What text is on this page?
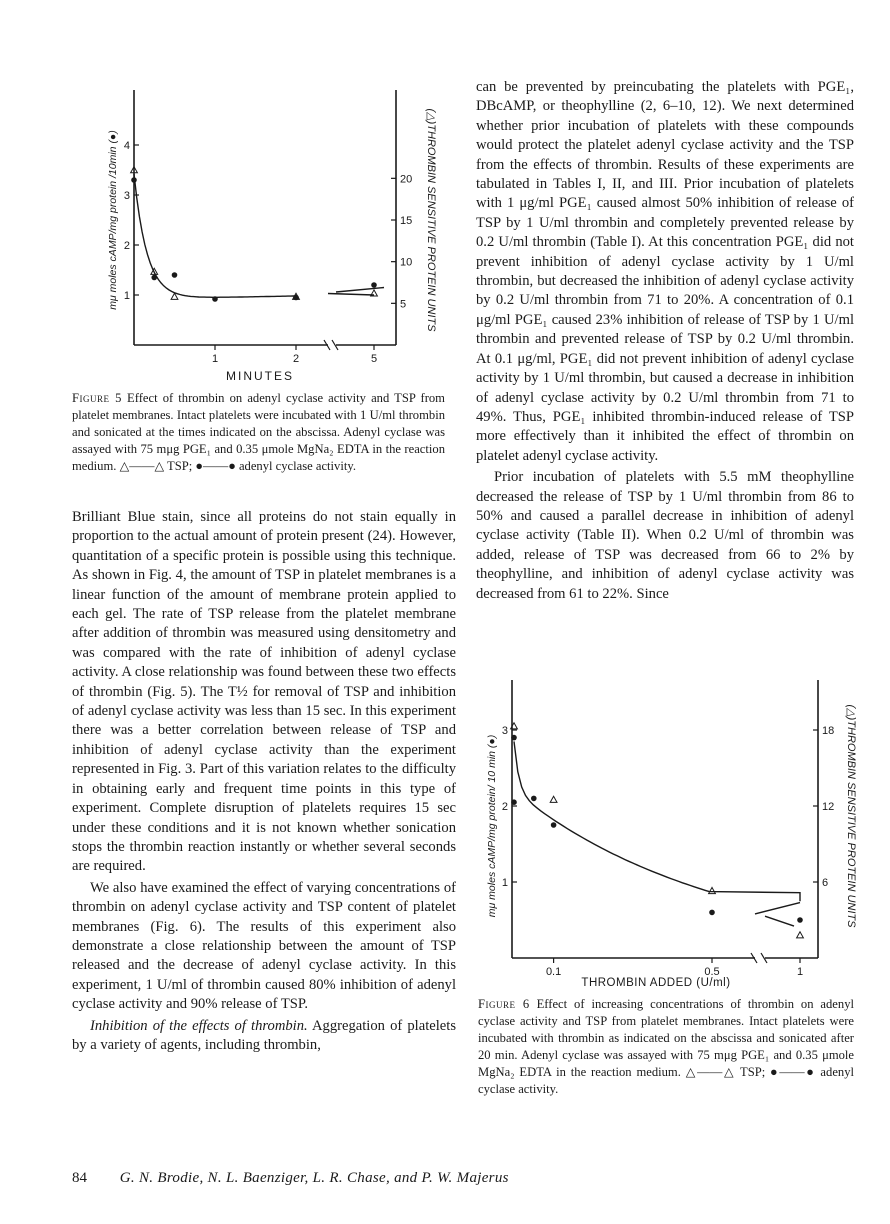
1	2	5
1
2
3
4
5
10
15
20
mμ moles cAMP/mg protein /10min (●)	(△)THROMBIN SENSITIVE PROTEIN UNITS
MINUTES
Figure 5 Effect of thrombin on adenyl cyclase activity and TSP from platelet membranes. Intact platelets were incubated with 1 U/ml thrombin and sonicated at the times indicated on the abscissa. Adenyl cyclase was assayed with 75 mμg PGE₁ and 0.35 μmole MgNa₂ EDTA in the reaction medium. △——△ TSP; ●——● adenyl cyclase activity.

Brilliant Blue stain, since all proteins do not stain equally in proportion to the actual amount of protein present (24). However, quantitation of a specific protein is possible using this technique. As shown in Fig. 4, the amount of TSP in platelet membranes is a linear function of the amount of membrane protein applied to each gel. The rate of TSP release from the platelet membrane after addition of thrombin was measured using densitometry and was compared with the rate of inhibition of adenyl cyclase activity. A close relationship was found between these two effects of thrombin (Fig. 5). The T½ for removal of TSP and inhibition of adenyl cyclase activity was less than 15 sec. In this experiment there was a better correlation between release of TSP and inhibition of adenyl cyclase activity than the experiment represented in Fig. 3. Part of this variation relates to the difficulty in obtaining early and frequent time points in this type of experiment. Complete disruption of platelets requires 15 sec under these conditions and it is not known whether sonication stops the thrombin reaction instantly or whether several seconds are required.

We also have examined the effect of varying concentrations of thrombin on adenyl cyclase activity and TSP content of platelet membranes (Fig. 6). The results of this experiment also demonstrate a close relationship between the amount of TSP released and the decrease of adenyl cyclase activity. In this experiment, 1 U/ml of thrombin caused 80% inhibition of adenyl cyclase activity and 90% release of TSP.

Inhibition of the effects of thrombin. Aggregation of platelets by a variety of agents, including thrombin,

can be prevented by preincubating the platelets with PGE₁, DBcAMP, or theophylline (2, 6–10, 12). We next determined whether prior incubation of platelets with these compounds would protect the platelet adenyl cyclase activity and the TSP from the effects of thrombin. Results of these experiments are tabulated in Tables I, II, and III. Prior incubation of platelets with 1 μg/ml PGE₁ caused almost 50% inhibition of release of TSP by 1 U/ml thrombin and completely prevented release by 0.2 U/ml thrombin (Table I). At this concentration PGE₁ did not prevent inhibition of adenyl cyclase activity by 1 U/ml thrombin, but decreased the inhibition of adenyl cyclase activity by 0.2 U/ml thrombin from 71 to 20%. A concentration of 0.1 μg/ml PGE₁ caused 23% inhibition of release of TSP by 1 U/ml thrombin and prevented release of TSP by 0.2 U/ml thrombin. At 0.1 μg/ml, PGE₁ did not prevent inhibition of adenyl cyclase activity by 1 U/ml thrombin, but caused a decrease in inhibition of adenyl cyclase activity by 0.2 U/ml thrombin from 71 to 49%. Thus, PGE₁ inhibited thrombin-induced release of TSP more effectively than it inhibited the effect of thrombin on platelet adenyl cyclase activity.

Prior incubation of platelets with 5.5 mM theophylline decreased the release of TSP by 1 U/ml thrombin from 86 to 50% and caused a parallel decrease in inhibition of adenyl cyclase activity (Table II). When 0.2 U/ml of thrombin was added, release of TSP was decreased from 66 to 2% by theophylline, and inhibition of adenyl cyclase activity was decreased from 61 to 22%. Since

0.1	0.5	1
1
2
3
6
12
18
mμ moles cAMP/mg protein/ 10 min (●)	(△)THROMBIN SENSITIVE PROTEIN UNITS
THROMBIN ADDED (U/ml)
Figure 6 Effect of increasing concentrations of thrombin on adenyl cyclase activity and TSP from platelet membranes. Intact platelets were incubated with thrombin as indicated on the abscissa and sonicated after 20 min. Adenyl cyclase was assayed with 75 mμg PGE₁ and 0.35 μmole MgNa₂ EDTA in the reaction medium. △——△ TSP; ●——● adenyl cyclase activity.
84 G. N. Brodie, N. L. Baenziger, L. R. Chase, and P. W. Majerus
